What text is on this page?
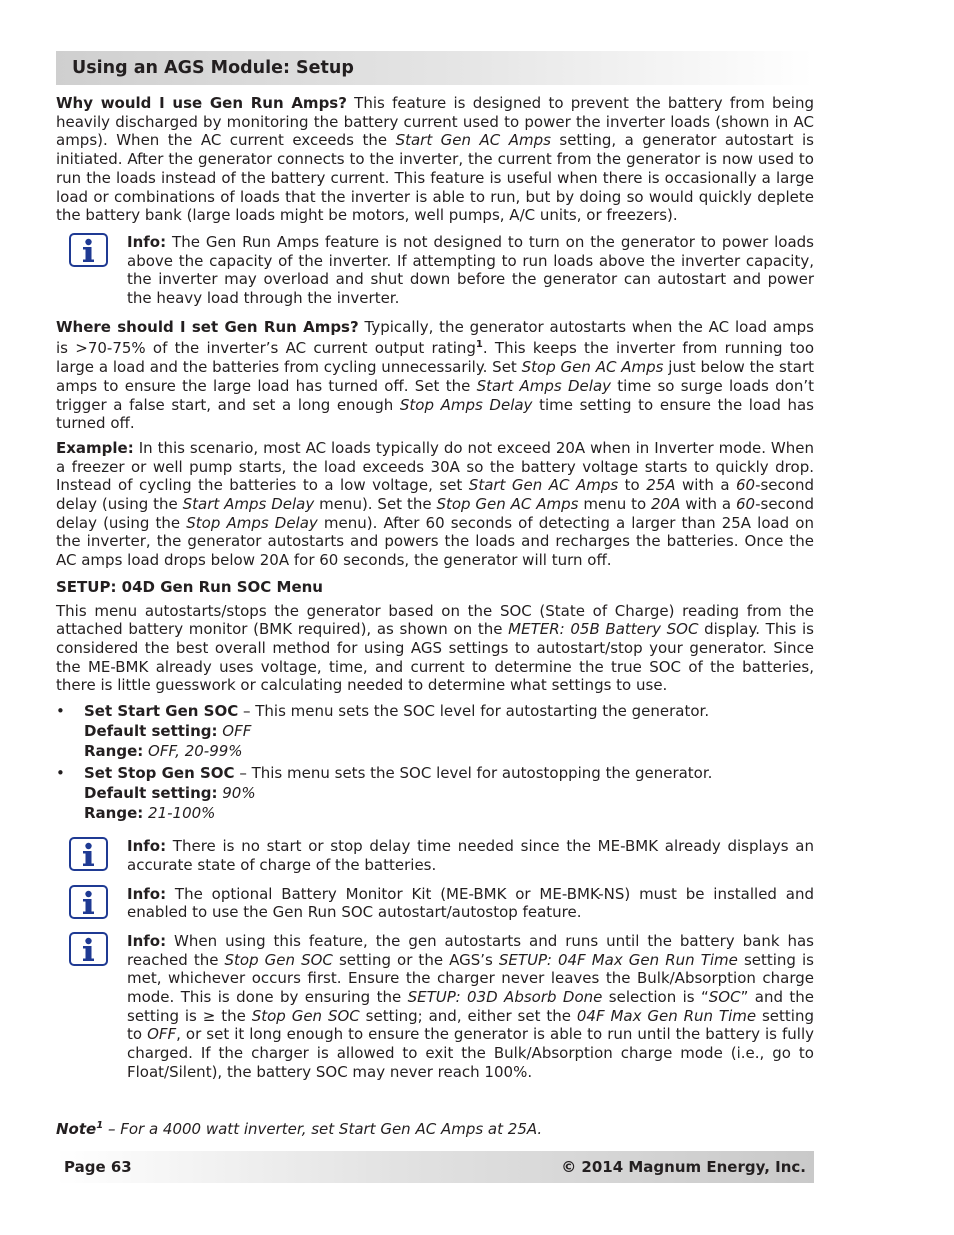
Using an AGS Module: Setup

Why would I use Gen Run Amps? This feature is designed to prevent the battery from being heavily discharged by monitoring the battery current used to power the inverter loads (shown in AC amps). When the AC current exceeds the Start Gen AC Amps setting, a generator autostart is initiated. After the generator connects to the inverter, the current from the generator is now used to run the loads instead of the battery current. This feature is useful when there is occasionally a large load or combinations of loads that the inverter is able to run, but by doing so would quickly deplete the battery bank (large loads might be motors, well pumps, A/C units, or freezers).

Info: The Gen Run Amps feature is not designed to turn on the generator to power loads above the capacity of the inverter. If attempting to run loads above the inverter capacity, the inverter may overload and shut down before the generator can autostart and power the heavy load through the inverter.

Where should I set Gen Run Amps? Typically, the generator autostarts when the AC load amps is >70-75% of the inverter’s AC current output rating$^1$. This keeps the inverter from running too large a load and the batteries from cycling unnecessarily. Set Stop Gen AC Amps just below the start amps to ensure the large load has turned off. Set the Start Amps Delay time so surge loads don’t trigger a false start, and set a long enough Stop Amps Delay time setting to ensure the load has turned off.

Example: In this scenario, most AC loads typically do not exceed 20A when in Inverter mode. When a freezer or well pump starts, the load exceeds 30A so the battery voltage starts to quickly drop. Instead of cycling the batteries to a low voltage, set Start Gen AC Amps to 25A with a 60-second delay (using the Start Amps Delay menu). Set the Stop Gen AC Amps menu to 20A with a 60-second delay (using the Stop Amps Delay menu). After 60 seconds of detecting a larger than 25A load on the inverter, the generator autostarts and powers the loads and recharges the batteries. Once the AC amps load drops below 20A for 60 seconds, the generator will turn off.

SETUP: 04D Gen Run SOC Menu

This menu autostarts/stops the generator based on the SOC (State of Charge) reading from the attached battery monitor (BMK required), as shown on the METER: 05B Battery SOC display. This is considered the best overall method for using AGS settings to autostart/stop your generator. Since the ME-BMK already uses voltage, time, and current to determine the true SOC of the batteries, there is little guesswork or calculating needed to determine what settings to use.

• Set Start Gen SOC – This menu sets the SOC level for autostarting the generator.
Default setting: OFF
Range: OFF, 20-99%
• Set Stop Gen SOC – This menu sets the SOC level for autostopping the generator.
Default setting: 90%
Range: 21-100%

Info: There is no start or stop delay time needed since the ME-BMK already displays an accurate state of charge of the batteries.

Info: The optional Battery Monitor Kit (ME-BMK or ME-BMK-NS) must be installed and enabled to use the Gen Run SOC autostart/autostop feature.

Info: When using this feature, the gen autostarts and runs until the battery bank has reached the Stop Gen SOC setting or the AGS’s SETUP: 04F Max Gen Run Time setting is met, whichever occurs first. Ensure the charger never leaves the Bulk/Absorption charge mode. This is done by ensuring the SETUP: 03D Absorb Done selection is “SOC” and the setting is ≥ the Stop Gen SOC setting; and, either set the 04F Max Gen Run Time setting to OFF, or set it long enough to ensure the generator is able to run until the battery is fully charged. If the charger is allowed to exit the Bulk/Absorption charge mode (i.e., go to Float/Silent), the battery SOC may never reach 100%.

Note$^1$ – For a 4000 watt inverter, set Start Gen AC Amps at 25A.
Page 63	© 2014 Magnum Energy, Inc.
